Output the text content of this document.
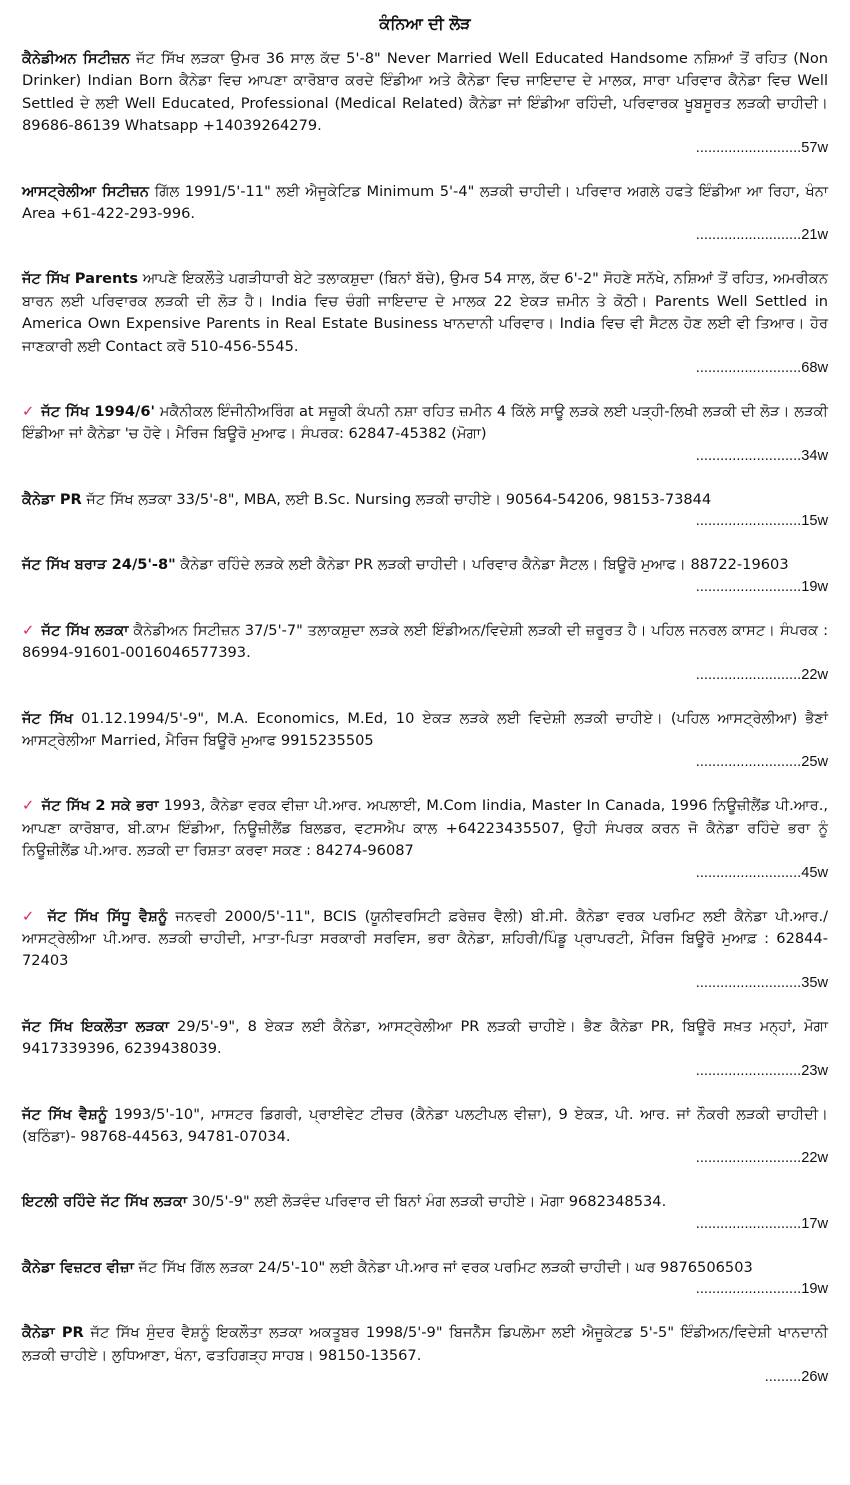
ਕੰਨਿਆ ਦੀ ਲੋੜ
ਕੈਨੇਡੀਅਨ ਸਿਟੀਜ਼ਨ ਜੱਟ ਸਿੱਖ ਲੜਕਾ ਉਮਰ 36 ਸਾਲ ਕੱਦ 5'-8" Never Married Well Educated Handsome ਨਸ਼ਿਆਂ ਤੋਂ ਰਹਿਤ (Non Drinker) Indian Born ਕੈਨੇਡਾ ਵਿਚ ਆਪਣਾ ਕਾਰੋਬਾਰ ਕਰਦੇ ਇੰਡੀਆ ਅਤੇ ਕੈਨੇਡਾ ਵਿਚ ਜਾਇਦਾਦ ਦੇ ਮਾਲਕ, ਸਾਰਾ ਪਰਿਵਾਰ ਕੈਨੇਡਾ ਵਿਚ Well Settled ਦੇ ਲਈ Well Educated, Professional (Medical Related) ਕੈਨੇਡਾ ਜਾਂ ਇੰਡੀਆ ਰਹਿੰਦੀ, ਪਰਿਵਾਰਕ ਖੂਬਸੂਰਤ ਲੜਕੀ ਚਾਹੀਦੀ। 89686-86139 Whatsapp +14039264279.
..........................57w
ਆਸਟ੍ਰੇਲੀਆ ਸਿਟੀਜ਼ਨ ਗਿੱਲ 1991/5'-11" ਲਈ ਐਜੂਕੇਟਿਡ Minimum 5'-4" ਲੜਕੀ ਚਾਹੀਦੀ। ਪਰਿਵਾਰ ਅਗਲੇ ਹਫਤੇ ਇੰਡੀਆ ਆ ਰਿਹਾ, ਖੰਨਾ Area +61-422-293-996.
..........................21w
ਜੱਟ ਸਿੱਖ Parents ਆਪਣੇ ਇਕਲੌਤੇ ਪਗੜੀਧਾਰੀ ਬੇਟੇ ਤਲਾਕਸ਼ੁਦਾ (ਬਿਨਾਂ ਬੱਚੇ), ਉਮਰ 54 ਸਾਲ, ਕੱਦ 6'-2" ਸੋਹਣੇ ਸਨੱਖੇ, ਨਸ਼ਿਆਂ ਤੋਂ ਰਹਿਤ, ਅਮਰੀਕਨ ਬਾਰਨ ਲਈ ਪਰਿਵਾਰਕ ਲੜਕੀ ਦੀ ਲੋੜ ਹੈ। India ਵਿਚ ਚੰਗੀ ਜਾਇਦਾਦ ਦੇ ਮਾਲਕ 22 ਏਕੜ ਜ਼ਮੀਨ ਤੇ ਕੋਠੀ। Parents Well Settled in America Own Expensive Parents in Real Estate Business ਖਾਨਦਾਨੀ ਪਰਿਵਾਰ। India ਵਿਚ ਵੀ ਸੈਟਲ ਹੋਣ ਲਈ ਵੀ ਤਿਆਰ। ਹੋਰ ਜਾਣਕਾਰੀ ਲਈ Contact ਕਰੋ 510-456-5545.
..........................68w
✓ ਜੱਟ ਸਿੱਖ 1994/6' ਮਕੈਨੀਕਲ ਇੰਜੀਨੀਅਰਿੰਗ at ਸਜ਼ੂਕੀ ਕੰਪਨੀ ਨਸ਼ਾ ਰਹਿਤ ਜ਼ਮੀਨ 4 ਕਿੱਲੇ ਸਾਊ ਲੜਕੇ ਲਈ ਪੜ੍ਹੀ-ਲਿਖੀ ਲੜਕੀ ਦੀ ਲੋੜ। ਲੜਕੀ ਇੰਡੀਆ ਜਾਂ ਕੈਨੇਡਾ 'ਚ ਹੋਵੇ। ਮੈਰਿਜ ਬਿਊਰੋ ਮੁਆਫ। ਸੰਪਰਕ: 62847-45382 (ਮੋਗਾ)
..........................34w
ਕੈਨੇਡਾ PR ਜੱਟ ਸਿੱਖ ਲੜਕਾ 33/5'-8", MBA, ਲਈ B.Sc. Nursing ਲੜਕੀ ਚਾਹੀਏ। 90564-54206, 98153-73844
..........................15w
ਜੱਟ ਸਿੱਖ ਬਰਾੜ 24/5'-8" ਕੈਨੇਡਾ ਰਹਿੰਦੇ ਲੜਕੇ ਲਈ ਕੈਨੇਡਾ PR ਲੜਕੀ ਚਾਹੀਦੀ। ਪਰਿਵਾਰ ਕੈਨੇਡਾ ਸੈਟਲ। ਬਿਊਰੋ ਮੁਆਫ। 88722-19603
..........................19w
✓ ਜੱਟ ਸਿੱਖ ਲੜਕਾ ਕੈਨੇਡੀਅਨ ਸਿਟੀਜ਼ਨ 37/5'-7" ਤਲਾਕਸ਼ੁਦਾ ਲੜਕੇ ਲਈ ਇੰਡੀਅਨ/ਵਿਦੇਸ਼ੀ ਲੜਕੀ ਦੀ ਜ਼ਰੂਰਤ ਹੈ। ਪਹਿਲ ਜਨਰਲ ਕਾਸਟ। ਸੰਪਰਕ : 86994-91601-0016046577393.
..........................22w
ਜੱਟ ਸਿੱਖ 01.12.1994/5'-9", M.A. Economics, M.Ed, 10 ਏਕੜ ਲੜਕੇ ਲਈ ਵਿਦੇਸ਼ੀ ਲੜਕੀ ਚਾਹੀਏ। (ਪਹਿਲ ਆਸਟ੍ਰੇਲੀਆ) ਭੈਣਾਂ ਆਸਟ੍ਰੇਲੀਆ Married, ਮੈਰਿਜ ਬਿਊਰੋ ਮੁਆਫ 9915235505
..........................25w
✓ ਜੱਟ ਸਿੱਖ 2 ਸਕੇ ਭਰਾ 1993, ਕੈਨੇਡਾ ਵਰਕ ਵੀਜ਼ਾ ਪੀ.ਆਰ. ਅਪਲਾਈ, M.Com Iindia, Master In Canada, 1996 ਨਿਊਜ਼ੀਲੈਂਡ ਪੀ.ਆਰ., ਆਪਣਾ ਕਾਰੋਬਾਰ, ਬੀ.ਕਾਮ ਇੰਡੀਆ, ਨਿਊਜ਼ੀਲੈਂਡ ਬਿਲਡਰ, ਵਟਸਐਪ ਕਾਲ +64223435507, ਉਹੀ ਸੰਪਰਕ ਕਰਨ ਜੋ ਕੈਨੇਡਾ ਰਹਿੰਦੇ ਭਰਾ ਨੂੰ ਨਿਊਜ਼ੀਲੈਂਡ ਪੀ.ਆਰ. ਲੜਕੀ ਦਾ ਰਿਸ਼ਤਾ ਕਰਵਾ ਸਕਣ : 84274-96087
..........................45w
✓ ਜੱਟ ਸਿੱਖ ਸਿੱਧੂ ਵੈਸ਼ਨੂੰ ਜਨਵਰੀ 2000/5'-11", BCIS (ਯੂਨੀਵਰਸਿਟੀ ਫ਼ਰੇਜ਼ਰ ਵੈਲੀ) ਬੀ.ਸੀ. ਕੈਨੇਡਾ ਵਰਕ ਪਰਮਿਟ ਲਈ ਕੈਨੇਡਾ ਪੀ.ਆਰ./ਆਸਟ੍ਰੇਲੀਆ ਪੀ.ਆਰ. ਲੜਕੀ ਚਾਹੀਦੀ, ਮਾਤਾ-ਪਿਤਾ ਸਰਕਾਰੀ ਸਰਵਿਸ, ਭਰਾ ਕੈਨੇਡਾ, ਸ਼ਹਿਰੀ/ਪਿੰਡੂ ਪ੍ਰਾਪਰਟੀ, ਮੈਰਿਜ ਬਿਊਰੋ ਮੁਆਫ਼ : 62844-72403
..........................35w
ਜੱਟ ਸਿੱਖ ਇਕਲੌਤਾ ਲੜਕਾ 29/5'-9", 8 ਏਕੜ ਲਈ ਕੈਨੇਡਾ, ਆਸਟ੍ਰੇਲੀਆ PR ਲੜਕੀ ਚਾਹੀਏ। ਭੈਣ ਕੈਨੇਡਾ PR, ਬਿਊਰੋ ਸਖ਼ਤ ਮਨ੍ਹਾਂ, ਮੋਗਾ 9417339396, 6239438039.
..........................23w
ਜੱਟ ਸਿੱਖ ਵੈਸ਼ਨੂੰ 1993/5'-10", ਮਾਸਟਰ ਡਿਗਰੀ, ਪ੍ਰਾਈਵੇਟ ਟੀਚਰ (ਕੈਨੇਡਾ ਪਲਟੀਪਲ ਵੀਜ਼ਾ), 9 ਏਕੜ, ਪੀ. ਆਰ. ਜਾਂ ਨੌਕਰੀ ਲੜਕੀ ਚਾਹੀਦੀ। (ਬਠਿੰਡਾ)- 98768-44563, 94781-07034.
..........................22w
ਇਟਲੀ ਰਹਿੰਦੇ ਜੱਟ ਸਿੱਖ ਲੜਕਾ 30/5'-9" ਲਈ ਲੋੜਵੰਦ ਪਰਿਵਾਰ ਦੀ ਬਿਨਾਂ ਮੰਗ ਲੜਕੀ ਚਾਹੀਏ। ਮੋਗਾ 9682348534.
..........................17w
ਕੈਨੇਡਾ ਵਿਜ਼ਟਰ ਵੀਜ਼ਾ ਜੱਟ ਸਿੱਖ ਗਿੱਲ ਲੜਕਾ 24/5'-10" ਲਈ ਕੈਨੇਡਾ ਪੀ.ਆਰ ਜਾਂ ਵਰਕ ਪਰਮਿਟ ਲੜਕੀ ਚਾਹੀਦੀ। ਘਰ 9876506503
..........................19w
ਕੈਨੇਡਾ PR ਜੱਟ ਸਿੱਖ ਸੁੰਦਰ ਵੈਸ਼ਨੂੰ ਇਕਲੌਤਾ ਲੜਕਾ ਅਕਤੂਬਰ 1998/5'-9" ਬਿਜਨੈੱਸ ਡਿਪਲੋਮਾ ਲਈ ਐਜੂਕੇਟਡ 5'-5" ਇੰਡੀਅਨ/ਵਿਦੇਸ਼ੀ ਖਾਨਦਾਨੀ ਲੜਕੀ ਚਾਹੀਏ। ਲੁਧਿਆਣਾ, ਖੰਨਾ, ਫਤਹਿਗੜ੍ਹ ਸਾਹਬ। 98150-13567.
.........26w
